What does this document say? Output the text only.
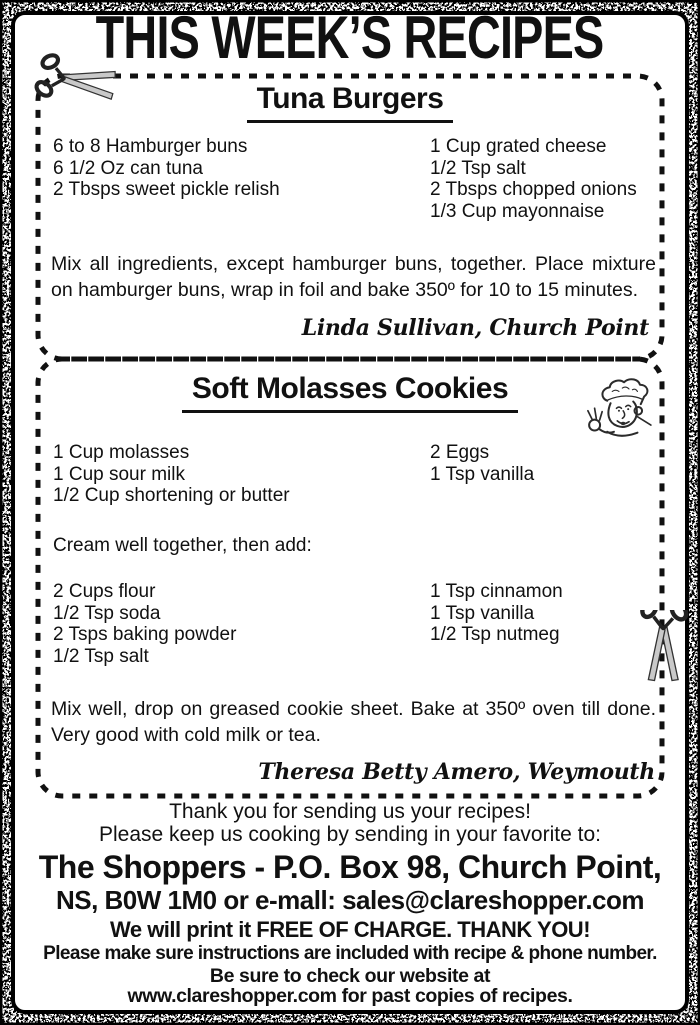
THIS WEEK’S RECIPES
Tuna Burgers
6 to 8 Hamburger buns
6 1/2 Oz can tuna
2 Tbsps sweet pickle relish
1 Cup grated cheese
1/2 Tsp salt
2 Tbsps chopped onions
1/3 Cup mayonnaise
Mix all ingredients, except hamburger buns, together. Place mixture on hamburger buns, wrap in foil and bake 350º for 10 to 15 minutes.
Linda Sullivan, Church Point
Soft Molasses Cookies
1 Cup molasses
1 Cup sour milk
1/2 Cup shortening or butter
2 Eggs
1 Tsp vanilla
Cream well together, then add:
2 Cups flour
1/2 Tsp soda
2 Tsps baking powder
1/2 Tsp salt
1 Tsp cinnamon
1 Tsp vanilla
1/2 Tsp nutmeg
Mix well, drop on greased cookie sheet. Bake at 350º oven till done. Very good with cold milk or tea.
Theresa Betty Amero, Weymouth
Thank you for sending us your recipes!
Please keep us cooking by sending in your favorite to:
The Shoppers - P.O. Box 98, Church Point,
NS, B0W 1M0 or e-mall: sales@clareshopper.com
We will print it FREE OF CHARGE. THANK YOU!
Please make sure instructions are included with recipe & phone number.
Be sure to check our website at
www.clareshopper.com for past copies of recipes.
